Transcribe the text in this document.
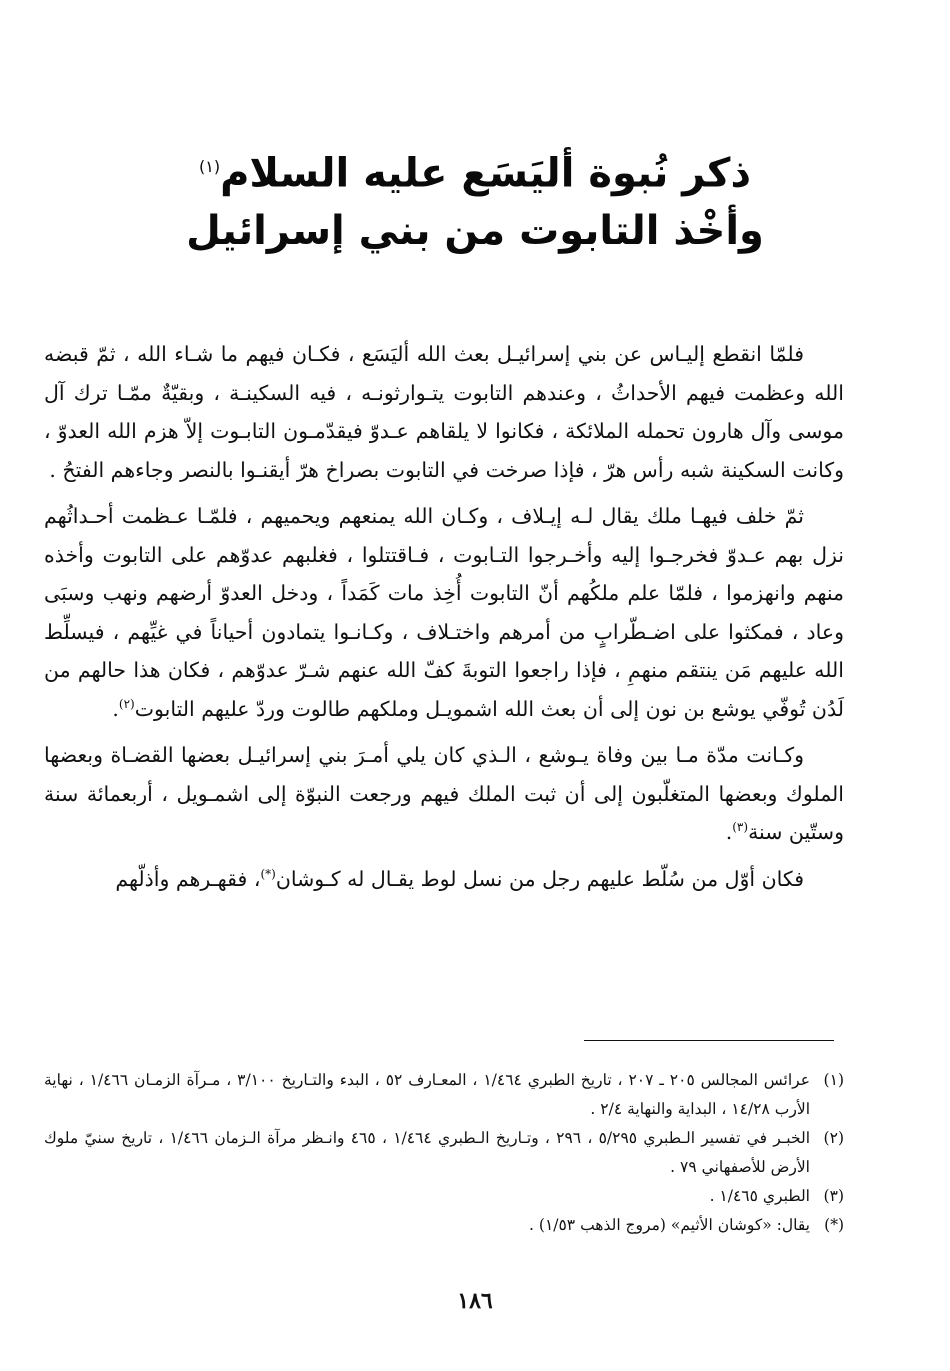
ذكر نُبوة أليَسَع عليه السلام$^{(١)}$
وأخْذ التابوت من بني إسرائيل

فلمّا انقطع إليـاس عن بني إسرائيـل بعث الله أليَسَع ، فكـان فيهم ما شـاء الله ، ثمّ قبضه الله وعظمت فيهم الأحداثُ ، وعندهم التابوت يتـوارثونـه ، فيه السكينـة ، وبقيّةٌ ممّـا ترك آل موسى وآل هارون تحمله الملائكة ، فكانوا لا يلقاهم عـدوّ فيقدّمـون التابـوت إلاّ هزم الله العدوّ ، وكانت السكينة شبه رأس هرّ ، فإذا صرخت في التابوت بصراخ هرّ أيقنـوا بالنصر وجاءهم الفتحُ .

ثمّ خلف فيهـا ملك يقال لـه إيـلاف ، وكـان الله يمنعهم ويحميهم ، فلمّـا عـظمت أحـداثُهم نزل بهم عـدوّ فخرجـوا إليه وأخـرجوا التـابوت ، فـاقتتلوا ، فغلبهم عدوّهم على التابوت وأخذه منهم وانهزموا ، فلمّا علم ملكُهم أنّ التابوت أُخِذ مات كَمَداً ، ودخل العدوّ أرضهم ونهب وسبَى وعاد ، فمكثوا على اضـطّرابٍ من أمرهم واختـلاف ، وكـانـوا يتمادون أحياناً في غيِّهم ، فيسلِّط الله عليهم مَن ينتقم منهمِ ، فإذا راجعوا التوبةَ كفّ الله عنهم شـرّ عدوّهم ، فكان هذا حالهم من لَدُن تُوفّي يوشع بن نون إلى أن بعث الله اشمويـل وملكهم طالوت وردّ عليهم التابوت$^{(٢)}$.

وكـانت مدّة مـا بين وفاة يـوشع ، الـذي كان يلي أمـرَ بني إسرائيـل بعضها القضـاة وبعضها الملوك وبعضها المتغلّبون إلى أن ثبت الملك فيهم ورجعت النبوّة إلى اشمـويل ، أربعمائة سنة وستّين سنة$^{(٣)}$.

فكان أوّل من سُلّط عليهم رجل من نسل لوط يقـال له كـوشان(*)، فقهـرهم وأذلّهم

(١)
عرائس المجالس ٢٠٥ ـ ٢٠٧ ، تاريخ الطبري ١/٤٦٤ ، المعـارف ٥٢ ، البدء والتـاريخ ٣/١٠٠ ، مـرآة الزمـان ١/٤٦٦ ، نهاية الأرب ١٤/٢٨ ، البداية والنهاية ٢/٤ .
(٢)
الخبـر في تفسير الـطبري ٥/٢٩٥ ، ٢٩٦ ، وتـاريخ الـطبري ١/٤٦٤ ، ٤٦٥ وانـظر مرآة الـزمان ١/٤٦٦ ، تاريخ سنيّ ملوك الأرض للأصفهاني ٧٩ .
(٣)
الطبري ١/٤٦٥ .
(*)
يقال: «كوشان الأثيم» (مروج الذهب ١/٥٣) .
١٨٦
